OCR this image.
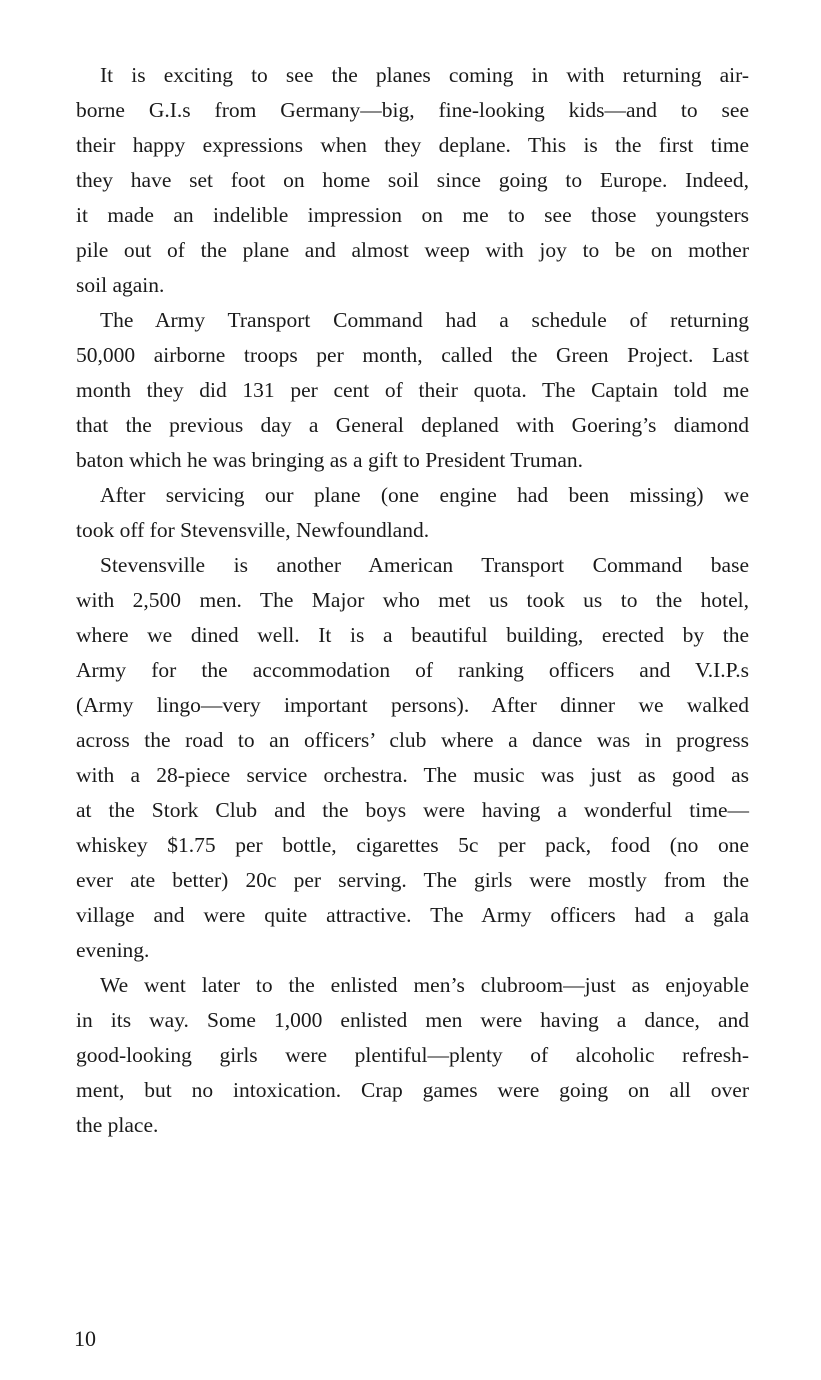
It is exciting to see the planes coming in with returning air-
borne G.I.s from Germany—big, fine-looking kids—and to see
their happy expressions when they deplane. This is the first time
they have set foot on home soil since going to Europe. Indeed,
it made an indelible impression on me to see those youngsters
pile out of the plane and almost weep with joy to be on mother
soil again.
The Army Transport Command had a schedule of returning
50,000 airborne troops per month, called the Green Project. Last
month they did 131 per cent of their quota. The Captain told me
that the previous day a General deplaned with Goering’s diamond
baton which he was bringing as a gift to President Truman.
After servicing our plane (one engine had been missing) we
took off for Stevensville, Newfoundland.
Stevensville is another American Transport Command base
with 2,500 men. The Major who met us took us to the hotel,
where we dined well. It is a beautiful building, erected by the
Army for the accommodation of ranking officers and V.I.P.s
(Army lingo—very important persons). After dinner we walked
across the road to an officers’ club where a dance was in progress
with a 28-piece service orchestra. The music was just as good as
at the Stork Club and the boys were having a wonderful time—
whiskey $1.75 per bottle, cigarettes 5c per pack, food (no one
ever ate better) 20c per serving. The girls were mostly from the
village and were quite attractive. The Army officers had a gala
evening.
We went later to the enlisted men’s clubroom—just as enjoyable
in its way. Some 1,000 enlisted men were having a dance, and
good-looking girls were plentiful—plenty of alcoholic refresh-
ment, but no intoxication. Crap games were going on all over
the place.
10
